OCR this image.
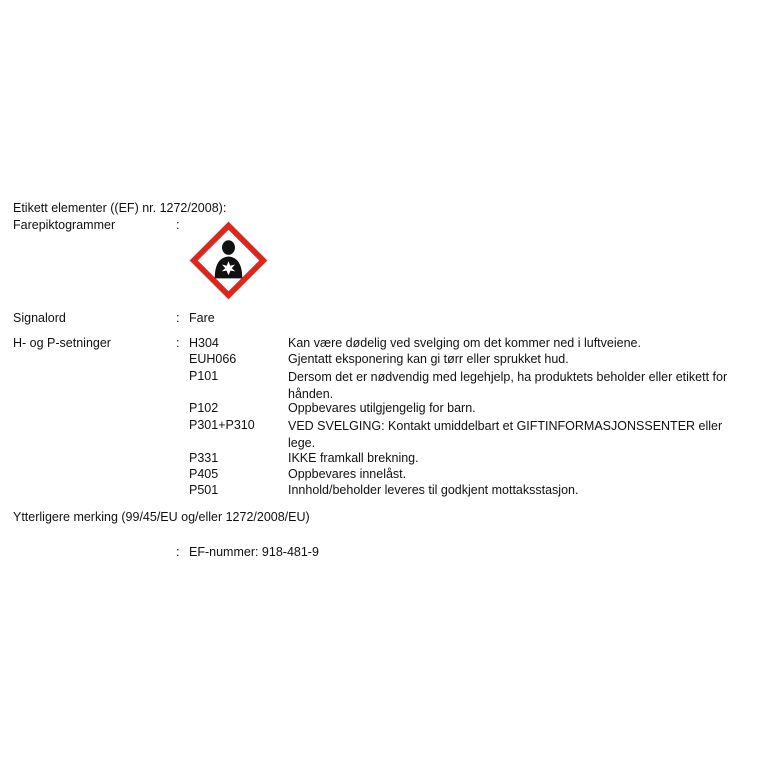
Etikett elementer ((EF) nr. 1272/2008):
Farepiktogrammer	:
Signalord	: Fare
H- og P-setninger	: H304	Kan være dødelig ved svelging om det kommer ned i luftveiene.
EUH066	Gjentatt eksponering kan gi tørr eller sprukket hud.
P101	Dersom det er nødvendig med legehjelp, ha produktets beholder eller etikett for hånden.
P102	Oppbevares utilgjengelig for barn.
P301+P310	VED SVELGING: Kontakt umiddelbart et GIFTINFORMASJONSSENTER eller lege.
P331	IKKE framkall brekning.
P405	Oppbevares innelåst.
P501	Innhold/beholder leveres til godkjent mottaksstasjon.
Ytterligere merking (99/45/EU og/eller 1272/2008/EU)
: EF-nummer: 918-481-9
